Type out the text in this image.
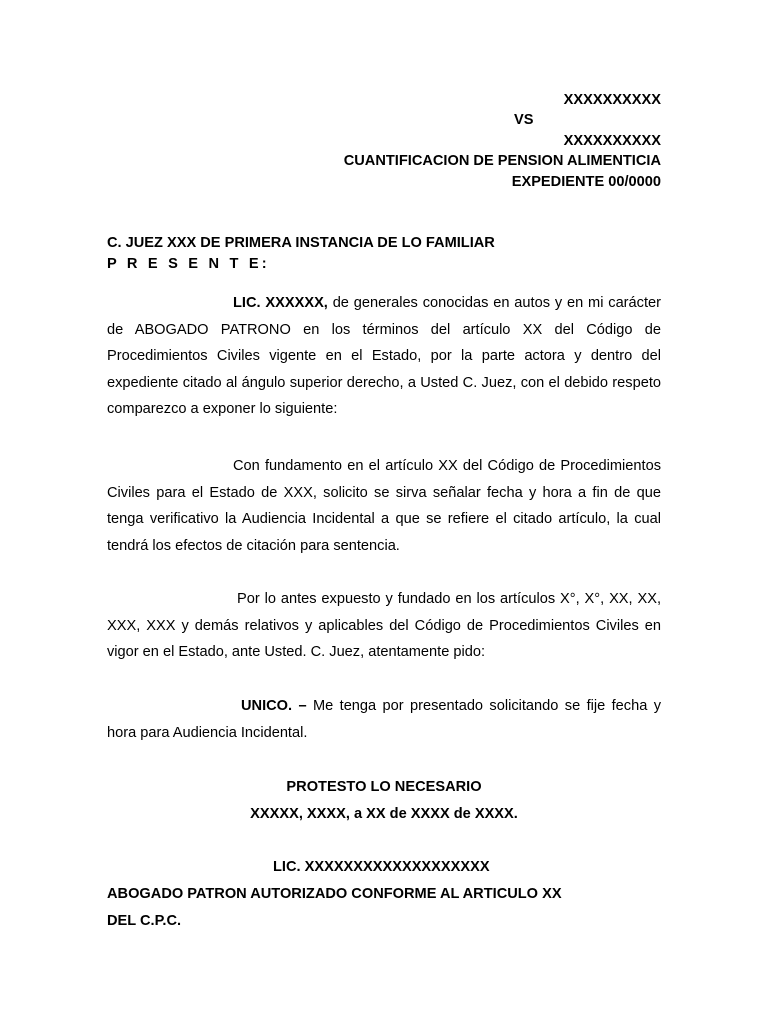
XXXXXXXXXX
VS
XXXXXXXXXX
CUANTIFICACION DE PENSION ALIMENTICIA
EXPEDIENTE 00/0000
C. JUEZ XXX DE PRIMERA INSTANCIA DE LO FAMILIAR
P R E S E N T E:
LIC. XXXXXX, de generales conocidas en autos y en mi carácter de ABOGADO PATRONO en los términos del artículo XX del Código de Procedimientos Civiles vigente en el Estado, por la parte actora y dentro del expediente citado al ángulo superior derecho, a Usted C. Juez, con el debido respeto comparezco a exponer lo siguiente:
Con fundamento en el artículo XX del Código de Procedimientos Civiles para el Estado de XXX, solicito se sirva señalar fecha y hora a fin de que tenga verificativo la Audiencia Incidental a que se refiere el citado artículo, la cual tendrá los efectos de citación para sentencia.
Por lo antes expuesto y fundado en los artículos X°, X°, XX, XX, XXX, XXX y demás relativos y aplicables del Código de Procedimientos Civiles en vigor en el Estado, ante Usted. C. Juez, atentamente pido:
UNICO. – Me tenga por presentado solicitando se fije fecha y hora para Audiencia Incidental.
PROTESTO LO NECESARIO
XXXXX, XXXX, a XX de XXXX de XXXX.
LIC. XXXXXXXXXXXXXXXXXXX
ABOGADO PATRON AUTORIZADO CONFORME AL ARTICULO XX
DEL C.P.C.
